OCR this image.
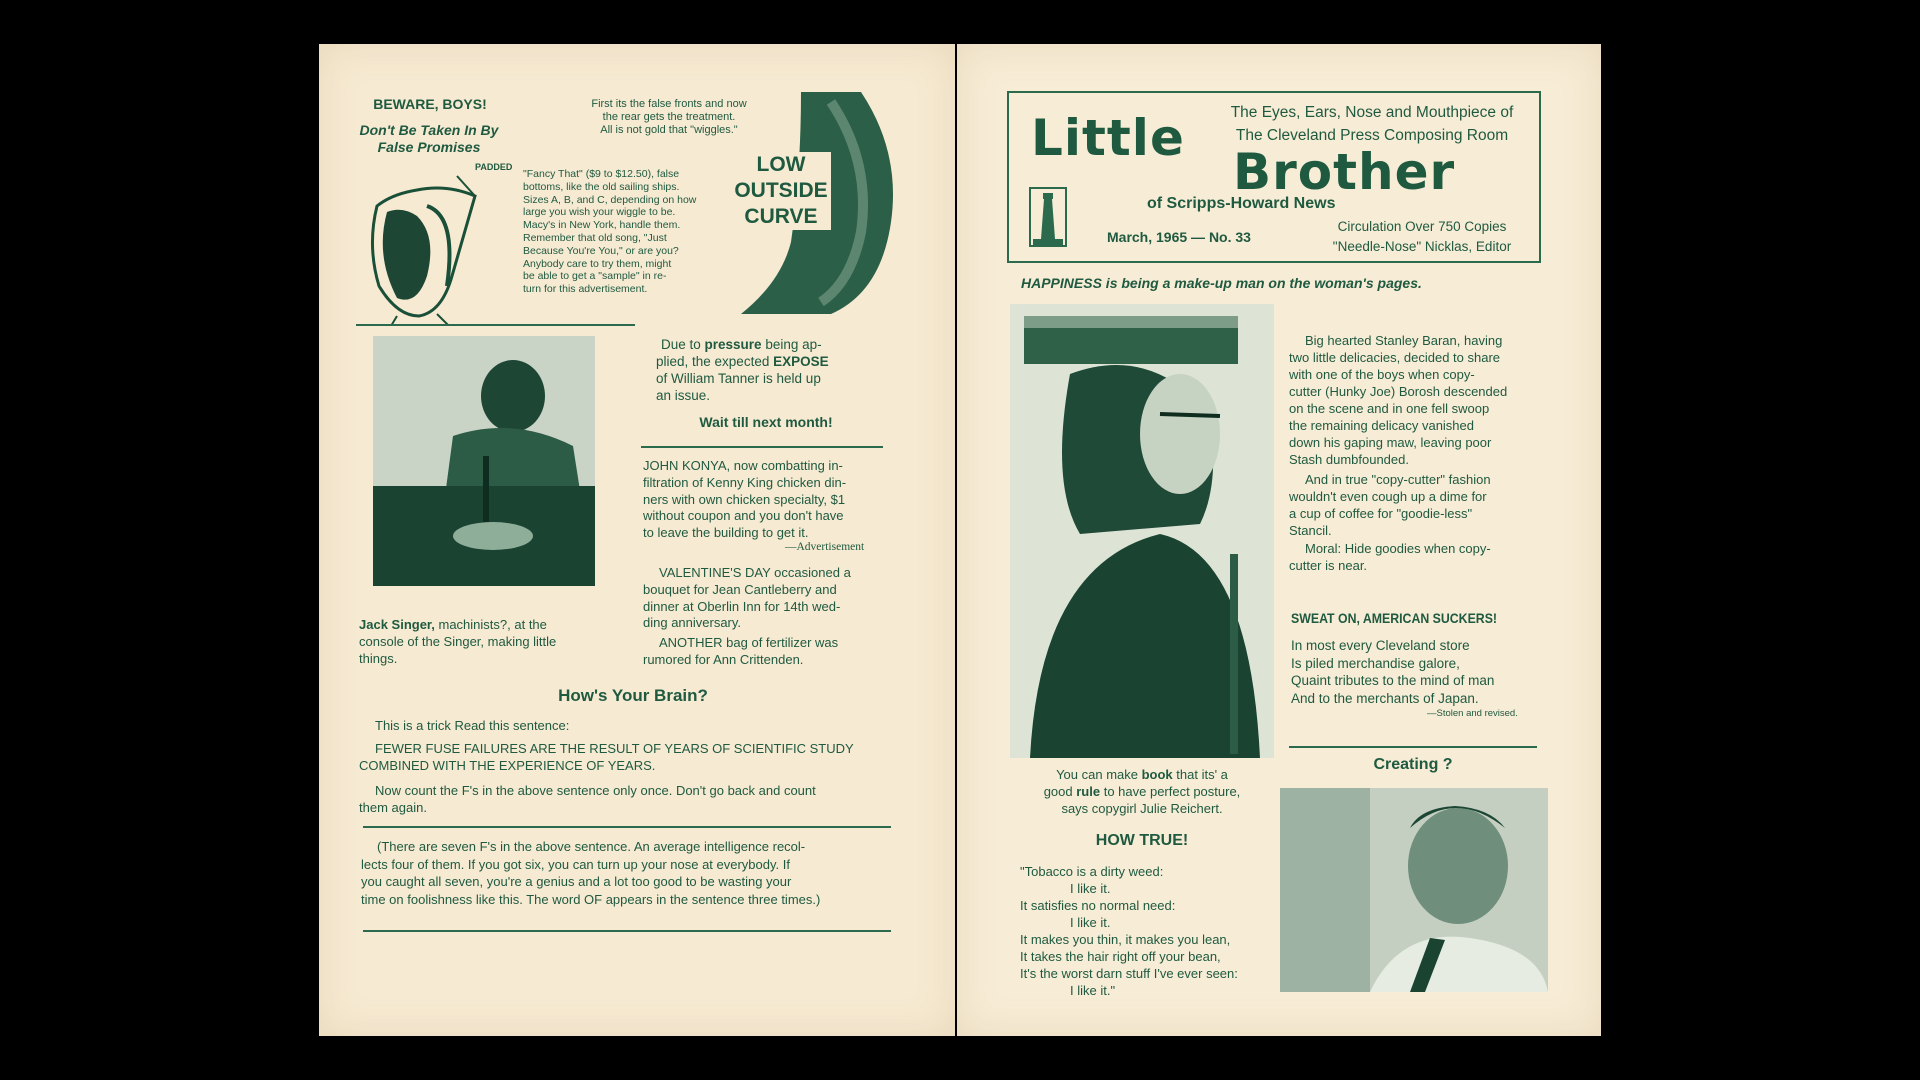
BEWARE, BOYS!
Don't Be Taken In By
False Promises
PADDED
First its the false fronts and now
the rear gets the treatment.
All is not gold that "wiggles."
"Fancy That" ($9 to $12.50), false
bottoms, like the old sailing ships.
Sizes A, B, and C, depending on how
large you wish your wiggle to be.
Macy's in New York, handle them.
Remember that old song, "Just
Because You're You," or are you?
Anybody care to try them, might
be able to get a "sample" in re-
turn for this advertisement.
LOW
OUTSIDE
CURVE
Jack Singer, machinists?, at the
console of the Singer, making little
things.
Due to pressure being ap-
plied, the expected EXPOSE
of William Tanner is held up
an issue.
Wait till next month!
JOHN KONYA, now combatting in-
filtration of Kenny King chicken din-
ners with own chicken specialty, $1
without coupon and you don't have
to leave the building to get it.
—Advertisement
VALENTINE'S DAY occasioned a
bouquet for Jean Cantleberry and
dinner at Oberlin Inn for 14th wed-
ding anniversary.
ANOTHER bag of fertilizer was
rumored for Ann Crittenden.
How's Your Brain?
This is a trick Read this sentence:
FEWER FUSE FAILURES ARE THE RESULT OF YEARS OF SCIENTIFIC STUDY
COMBINED WITH THE EXPERIENCE OF YEARS.
Now count the F's in the above sentence only once. Don't go back and count
them again.
(There are seven F's in the above sentence. An average intelligence recol-
lects four of them. If you got six, you can turn up your nose at everybody. If
you caught all seven, you're a genius and a lot too good to be wasting your
time on foolishness like this. The word OF appears in the sentence three times.)
Little	The Eyes, Ears, Nose and Mouthpiece of
The Cleveland Press Composing Room
Brother
of Scripps-Howard News
March, 1965 — No. 33
Circulation Over 750 Copies
"Needle-Nose" Nicklas, Editor
HAPPINESS is being a make-up man on the woman's pages.
You can make book that its' a
good rule to have perfect posture,
says copygirl Julie Reichert.
HOW TRUE!
"Tobacco is a dirty weed:
I like it.
It satisfies no normal need:
I like it.
It makes you thin, it makes you lean,
It takes the hair right off your bean,
It's the worst darn stuff I've ever seen:
I like it."
Big hearted Stanley Baran, having
two little delicacies, decided to share
with one of the boys when copy-
cutter (Hunky Joe) Borosh descended
on the scene and in one fell swoop
the remaining delicacy vanished
down his gaping maw, leaving poor
Stash dumbfounded.
And in true "copy-cutter" fashion
wouldn't even cough up a dime for
a cup of coffee for "goodie-less"
Stancil.
Moral: Hide goodies when copy-
cutter is near.
SWEAT ON, AMERICAN SUCKERS!
In most every Cleveland store
Is piled merchandise galore,
Quaint tributes to the mind of man
And to the merchants of Japan.
—Stolen and revised.
Creating ?
